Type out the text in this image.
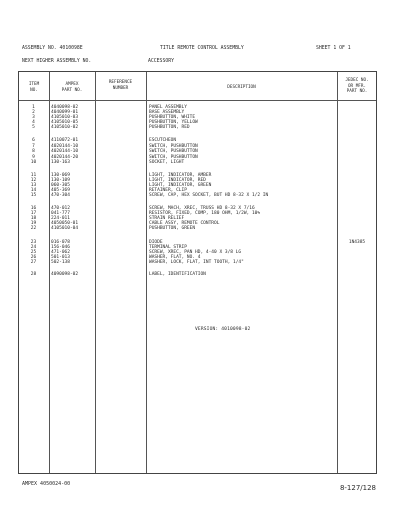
ASSEMBLY NO. 4010098E	TITLE REMOTE CONTROL ASSEMBLY	SHEET 1 OF 1
NEXT HIGHER ASSEMBLY NO.	ACCESSORY
ITEM
NO.
AMPEX
PART NO.
REFERENCE
NUMBER	DESCRIPTION
JEDEC NO.
OR MFR.
PART NO.
1	4040098-02	PANEL ASSEMBLY
2	4040099-01	BASE ASSEMBLY
3	4105010-03	PUSHBUTTON, WHITE
4	4105010-05	PUSHBUTTON, YELLOW
5	4105010-02	PUSHBUTTON, RED
6	4110072-01	ESCUTCHEON
7	4020144-10	SWITCH, PUSHBUTTON
8	4020144-10	SWITCH, PUSHBUTTON
9	4020144-20	SWITCH, PUSHBUTTON
10	130-163	SOCKET, LIGHT
11	130-069	LIGHT, INDICATOR, AMBER
12	130-109	LIGHT, INDICATOR, RED
13	060-305	LIGHT, INDICATOR, GREEN
14	405-369	RETAINER, CLIP
15	470-304	SCREW, CAP, HEX SOCKET, BUT HD 8-32 X 1/2 IN
16	470-012	SCREW, MACH, XREC, TRUSS HD 8-32 X 7/16
17	041-777	RESISTOR, FIXED, COMP, 180 OHM, 1/2W, 10%
18	224-011	STRAIN RELIEF
19	4050050-01	CABLE ASSY, REMOTE CONTROL
22	4105010-04	PUSHBUTTON, GREEN
23	016-078	DIODE	1N4385
24	156-046	TERMINAL STRIP
25	471-062	SCREW, XREC, PAN HD, 4-40 X 3/8 LG
26	501-013	WASHER, FLAT, NO. 4
27	502-138	WASHER, LOCK, FLAT, INT TOOTH, 1/4"
28	4090098-02	LABEL, IDENTIFICATION
VERSION: 4010098-02
AMPEX 4050024-00	8-127/128
